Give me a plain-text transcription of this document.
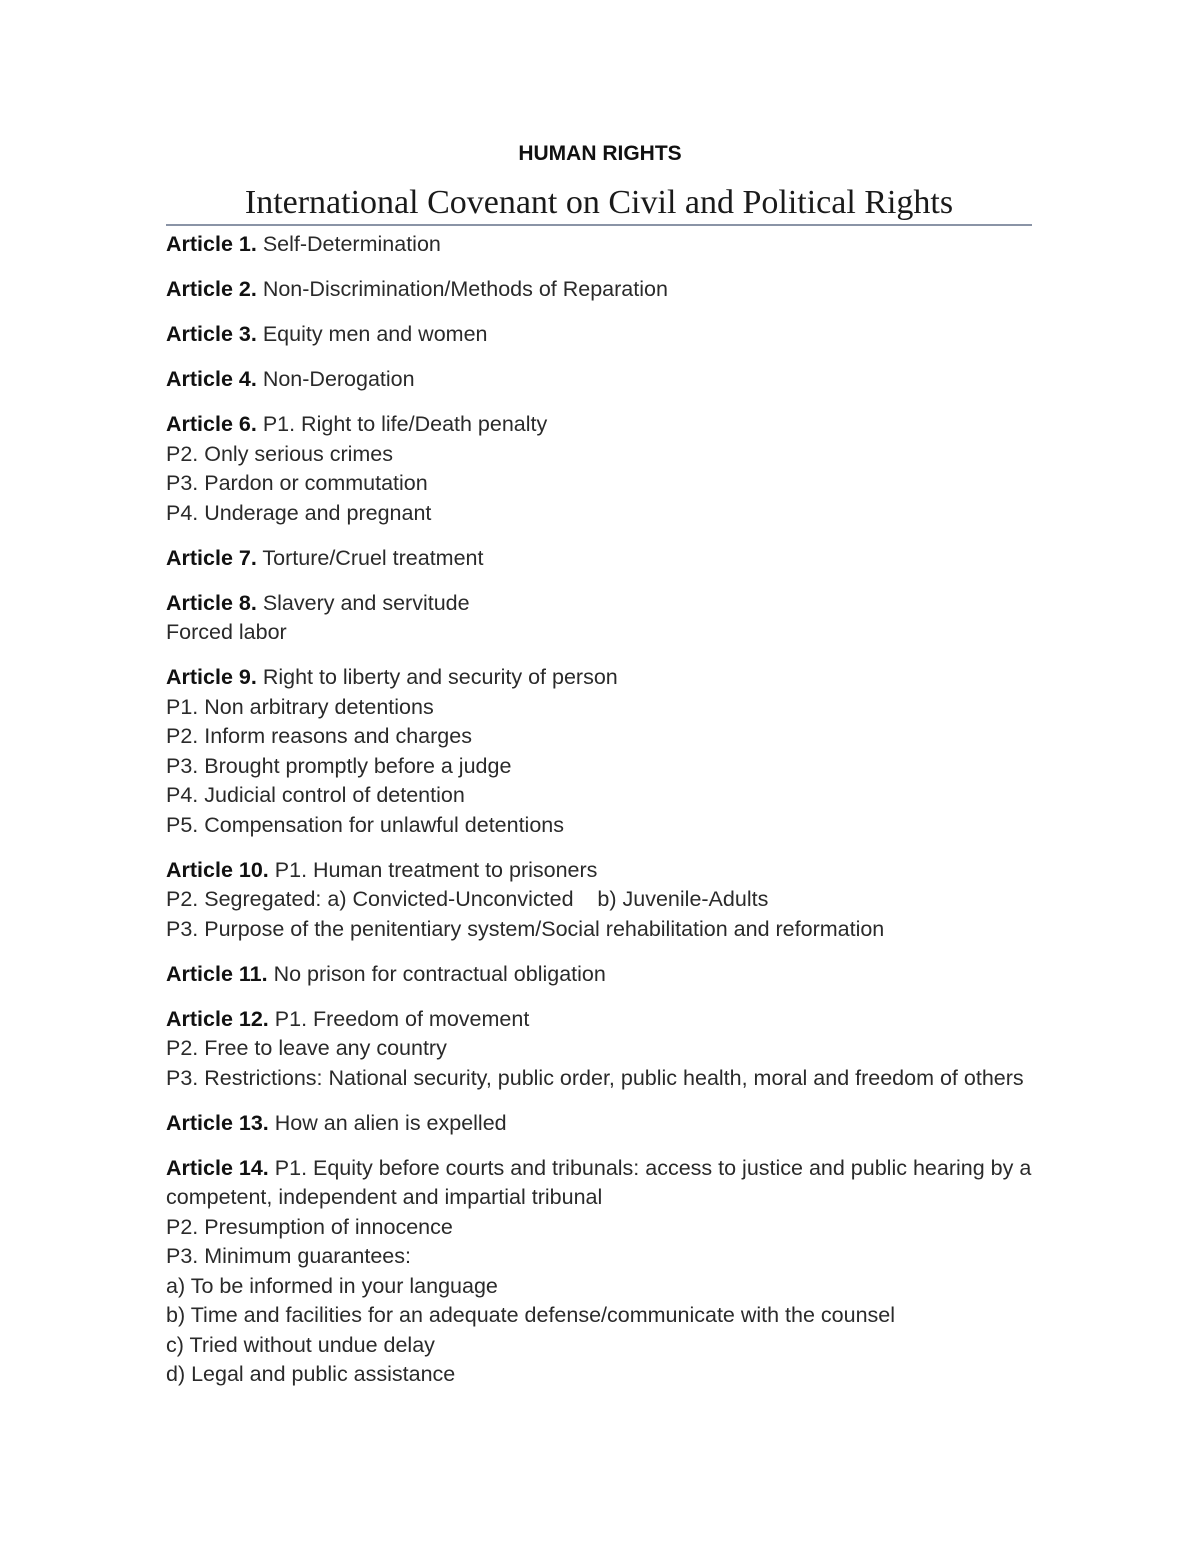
HUMAN RIGHTS
International Covenant on Civil and Political Rights
Article 1. Self-Determination
Article 2. Non-Discrimination/Methods of Reparation
Article 3. Equity men and women
Article 4. Non-Derogation
Article 6. P1. Right to life/Death penalty
P2. Only serious crimes
P3. Pardon or commutation
P4. Underage and pregnant
Article 7. Torture/Cruel treatment
Article 8. Slavery and servitude
Forced labor
Article 9. Right to liberty and security of person
P1. Non arbitrary detentions
P2. Inform reasons and charges
P3. Brought promptly before a judge
P4. Judicial control of detention
P5. Compensation for unlawful detentions
Article 10. P1. Human treatment to prisoners
P2. Segregated: a) Convicted-Unconvicted    b) Juvenile-Adults
P3. Purpose of the penitentiary system/Social rehabilitation and reformation
Article 11. No prison for contractual obligation
Article 12. P1. Freedom of movement
P2. Free to leave any country
P3. Restrictions: National security, public order, public health, moral and freedom of others
Article 13. How an alien is expelled
Article 14. P1. Equity before courts and tribunals: access to justice and public hearing by a competent, independent and impartial tribunal
P2. Presumption of innocence
P3. Minimum guarantees:
a) To be informed in your language
b) Time and facilities for an adequate defense/communicate with the counsel
c) Tried without undue delay
d) Legal and public assistance
